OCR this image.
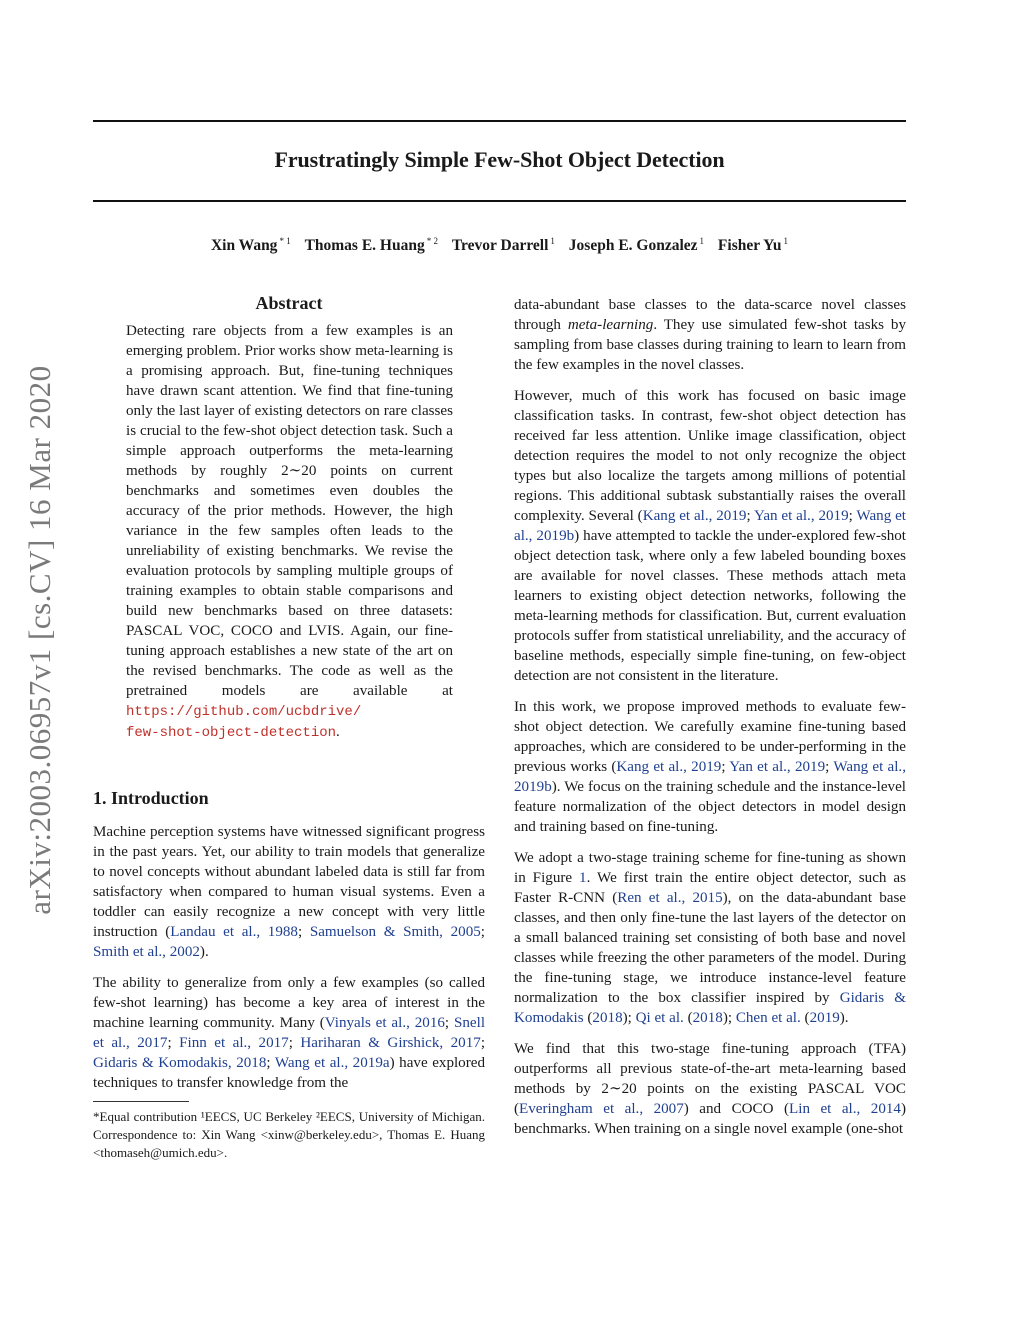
Frustratingly Simple Few-Shot Object Detection
Xin Wang $^{* 1}$ Thomas E. Huang $^{* 2}$ Trevor Darrell $^1$ Joseph E. Gonzalez $^1$ Fisher Yu $^1$
arXiv:2003.06957v1 [cs.CV] 16 Mar 2020
Abstract

Detecting rare objects from a few examples is an emerging problem. Prior works show meta-learning is a promising approach. But, fine-tuning techniques have drawn scant attention. We find that fine-tuning only the last layer of existing detectors on rare classes is crucial to the few-shot object detection task. Such a simple approach outperforms the meta-learning methods by roughly 2∼20 points on current benchmarks and sometimes even doubles the accuracy of the prior methods. However, the high variance in the few samples often leads to the unreliability of existing benchmarks. We revise the evaluation protocols by sampling multiple groups of training examples to obtain stable comparisons and build new benchmarks based on three datasets: PASCAL VOC, COCO and LVIS. Again, our fine-tuning approach establishes a new state of the art on the revised benchmarks. The code as well as the pretrained models are available at https://github.com/ucbdrive/
few-shot-object-detection.

1. Introduction

Machine perception systems have witnessed significant progress in the past years. Yet, our ability to train models that generalize to novel concepts without abundant labeled data is still far from satisfactory when compared to human visual systems. Even a toddler can easily recognize a new concept with very little instruction (Landau et al., 1988; Samuelson & Smith, 2005; Smith et al., 2002).

The ability to generalize from only a few examples (so called few-shot learning) has become a key area of interest in the machine learning community. Many (Vinyals et al., 2016; Snell et al., 2017; Finn et al., 2017; Hariharan & Girshick, 2017; Gidaris & Komodakis, 2018; Wang et al., 2019a) have explored techniques to transfer knowledge from the

*Equal contribution ¹EECS, UC Berkeley ²EECS, University of Michigan. Correspondence to: Xin Wang <xinw@berkeley.edu>, Thomas E. Huang <thomaseh@umich.edu>.

data-abundant base classes to the data-scarce novel classes through meta-learning. They use simulated few-shot tasks by sampling from base classes during training to learn to learn from the few examples in the novel classes.

However, much of this work has focused on basic image classification tasks. In contrast, few-shot object detection has received far less attention. Unlike image classification, object detection requires the model to not only recognize the object types but also localize the targets among millions of potential regions. This additional subtask substantially raises the overall complexity. Several (Kang et al., 2019; Yan et al., 2019; Wang et al., 2019b) have attempted to tackle the under-explored few-shot object detection task, where only a few labeled bounding boxes are available for novel classes. These methods attach meta learners to existing object detection networks, following the meta-learning methods for classification. But, current evaluation protocols suffer from statistical unreliability, and the accuracy of baseline methods, especially simple fine-tuning, on few-object detection are not consistent in the literature.

In this work, we propose improved methods to evaluate few-shot object detection. We carefully examine fine-tuning based approaches, which are considered to be under-performing in the previous works (Kang et al., 2019; Yan et al., 2019; Wang et al., 2019b). We focus on the training schedule and the instance-level feature normalization of the object detectors in model design and training based on fine-tuning.

We adopt a two-stage training scheme for fine-tuning as shown in Figure 1. We first train the entire object detector, such as Faster R-CNN (Ren et al., 2015), on the data-abundant base classes, and then only fine-tune the last layers of the detector on a small balanced training set consisting of both base and novel classes while freezing the other parameters of the model. During the fine-tuning stage, we introduce instance-level feature normalization to the box classifier inspired by Gidaris & Komodakis (2018); Qi et al. (2018); Chen et al. (2019).

We find that this two-stage fine-tuning approach (TFA) outperforms all previous state-of-the-art meta-learning based methods by 2∼20 points on the existing PASCAL VOC (Everingham et al., 2007) and COCO (Lin et al., 2014) benchmarks. When training on a single novel example (one-shot
